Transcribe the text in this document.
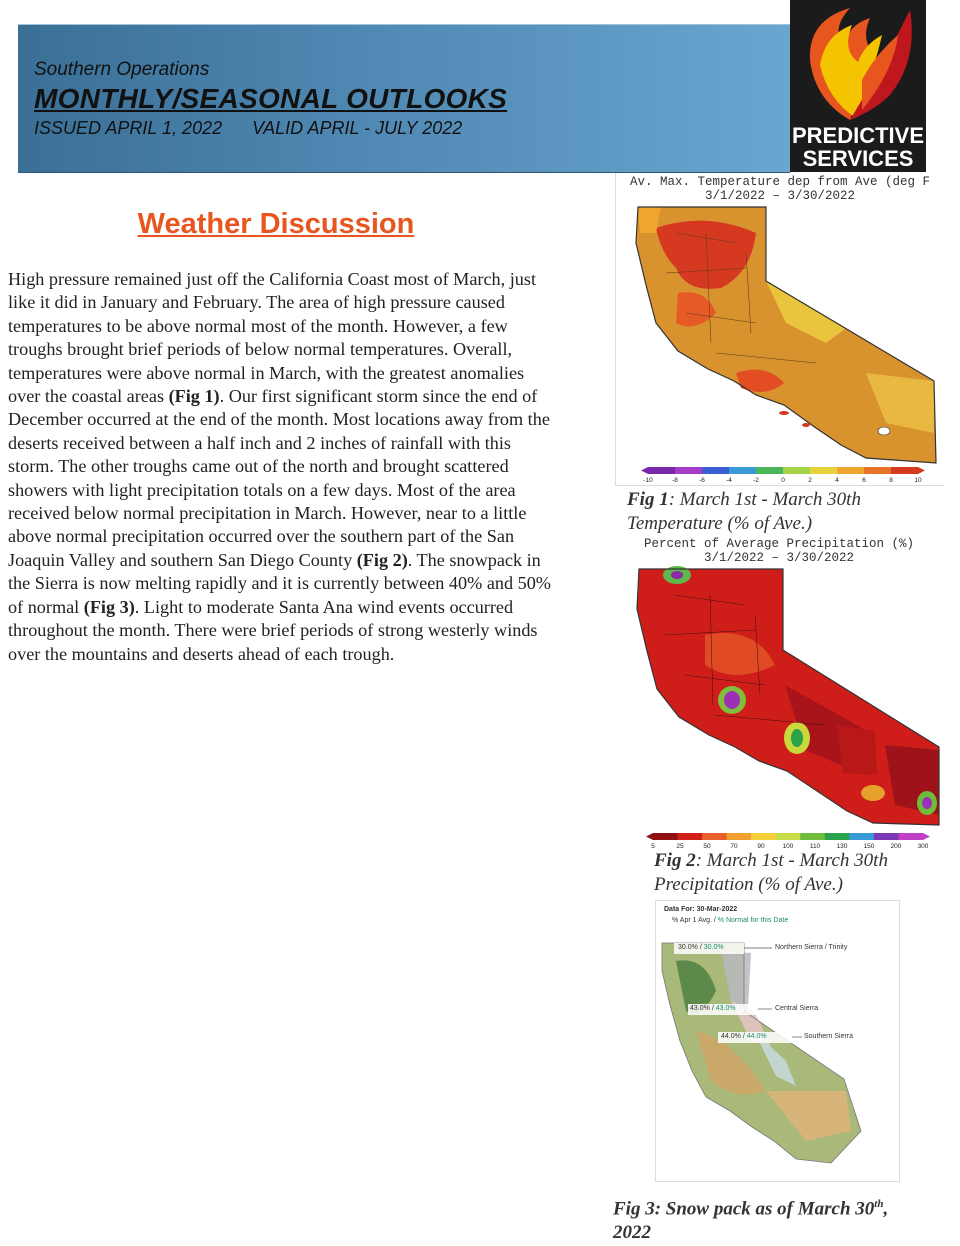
Southern Operations
MONTHLY/SEASONAL OUTLOOKS
ISSUED APRIL 1, 2022 VALID APRIL - JULY 2022	PREDICTIVE
SERVICES
Weather Discussion
High pressure remained just off the California Coast most of March, just like it did in January and February. The area of high pressure caused temperatures to be above normal most of the month. However, a few troughs brought brief periods of below normal temperatures. Overall, temperatures were above normal in March, with the greatest anomalies over the coastal areas (Fig 1). Our first significant storm since the end of December occurred at the end of the month. Most locations away from the deserts received between a half inch and 2 inches of rainfall with this storm. The other troughs came out of the north and brought scattered showers with light precipitation totals on a few days. Most of the area received below normal precipitation in March. However, near to a little above normal precipitation occurred over the southern part of the San Joaquin Valley and southern San Diego County (Fig 2). The snowpack in the Sierra is now melting rapidly and it is currently between 40% and 50% of normal (Fig 3). Light to moderate Santa Ana wind events occurred throughout the month. There were brief periods of strong westerly winds over the mountains and deserts ahead of each trough.
Av. Max. Temperature dep from Ave (deg F
3/1/2022 – 3/30/2022
-10	-8	-6	-4	-2	0	2	4	6	8	10
Fig 1: March 1st - March 30th
Temperature (% of Ave.)
Percent of Average Precipitation (%)
3/1/2022 – 3/30/2022
5	25	50	70	90	100	110	130 150 200 300
Fig 2: March 1st - March 30th
Precipitation (% of Ave.)
Data For: 30-Mar-2022
% Apr 1 Avg. / % Normal for this Date
30.0% / 30.0%	Northern Sierra / Trinity
43.0% / 43.0%	Central Sierra
44.0% / 44.0%	Southern Sierra
Fig 3: Snow pack as of March 30th,
2022
